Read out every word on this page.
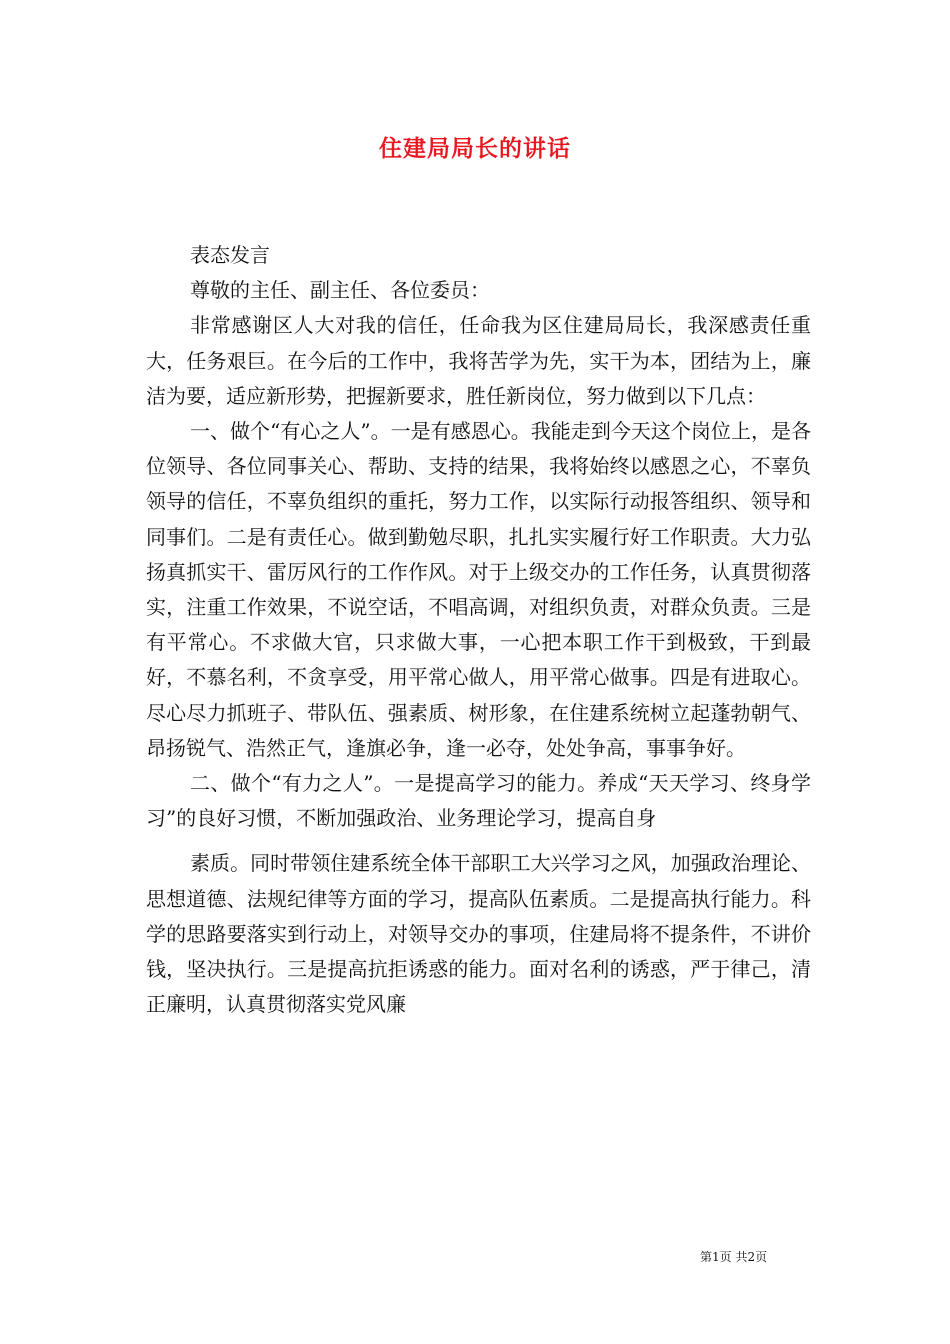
住建局局长的讲话

表态发言

尊敬的主任、副主任、各位委员：

非常感谢区人大对我的信任，任命我为区住建局局长，我深感责任重大，任务艰巨。在今后的工作中，我将苦学为先，实干为本，团结为上，廉洁为要，适应新形势，把握新要求，胜任新岗位，努力做到以下几点：

一、做个“有心之人”。一是有感恩心。我能走到今天这个岗位上，是各位领导、各位同事关心、帮助、支持的结果，我将始终以感恩之心，不辜负领导的信任，不辜负组织的重托，努力工作，以实际行动报答组织、领导和同事们。二是有责任心。做到勤勉尽职，扎扎实实履行好工作职责。大力弘扬真抓实干、雷厉风行的工作作风。对于上级交办的工作任务，认真贯彻落实，注重工作效果，不说空话，不唱高调，对组织负责，对群众负责。三是有平常心。不求做大官，只求做大事，一心把本职工作干到极致，干到最好，不慕名利，不贪享受，用平常心做人，用平常心做事。四是有进取心。尽心尽力抓班子、带队伍、强素质、树形象，在住建系统树立起蓬勃朝气、昂扬锐气、浩然正气，逢旗必争，逢一必夺，处处争高，事事争好。

二、做个“有力之人”。一是提高学习的能力。养成“天天学习、终身学习”的良好习惯，不断加强政治、业务理论学习，提高自身

素质。同时带领住建系统全体干部职工大兴学习之风，加强政治理论、思想道德、法规纪律等方面的学习，提高队伍素质。二是提高执行能力。科学的思路要落实到行动上，对领导交办的事项，住建局将不提条件，不讲价钱，坚决执行。三是提高抗拒诱惑的能力。面对名利的诱惑，严于律己，清正廉明，认真贯彻落实党风廉

第1页 共2页
